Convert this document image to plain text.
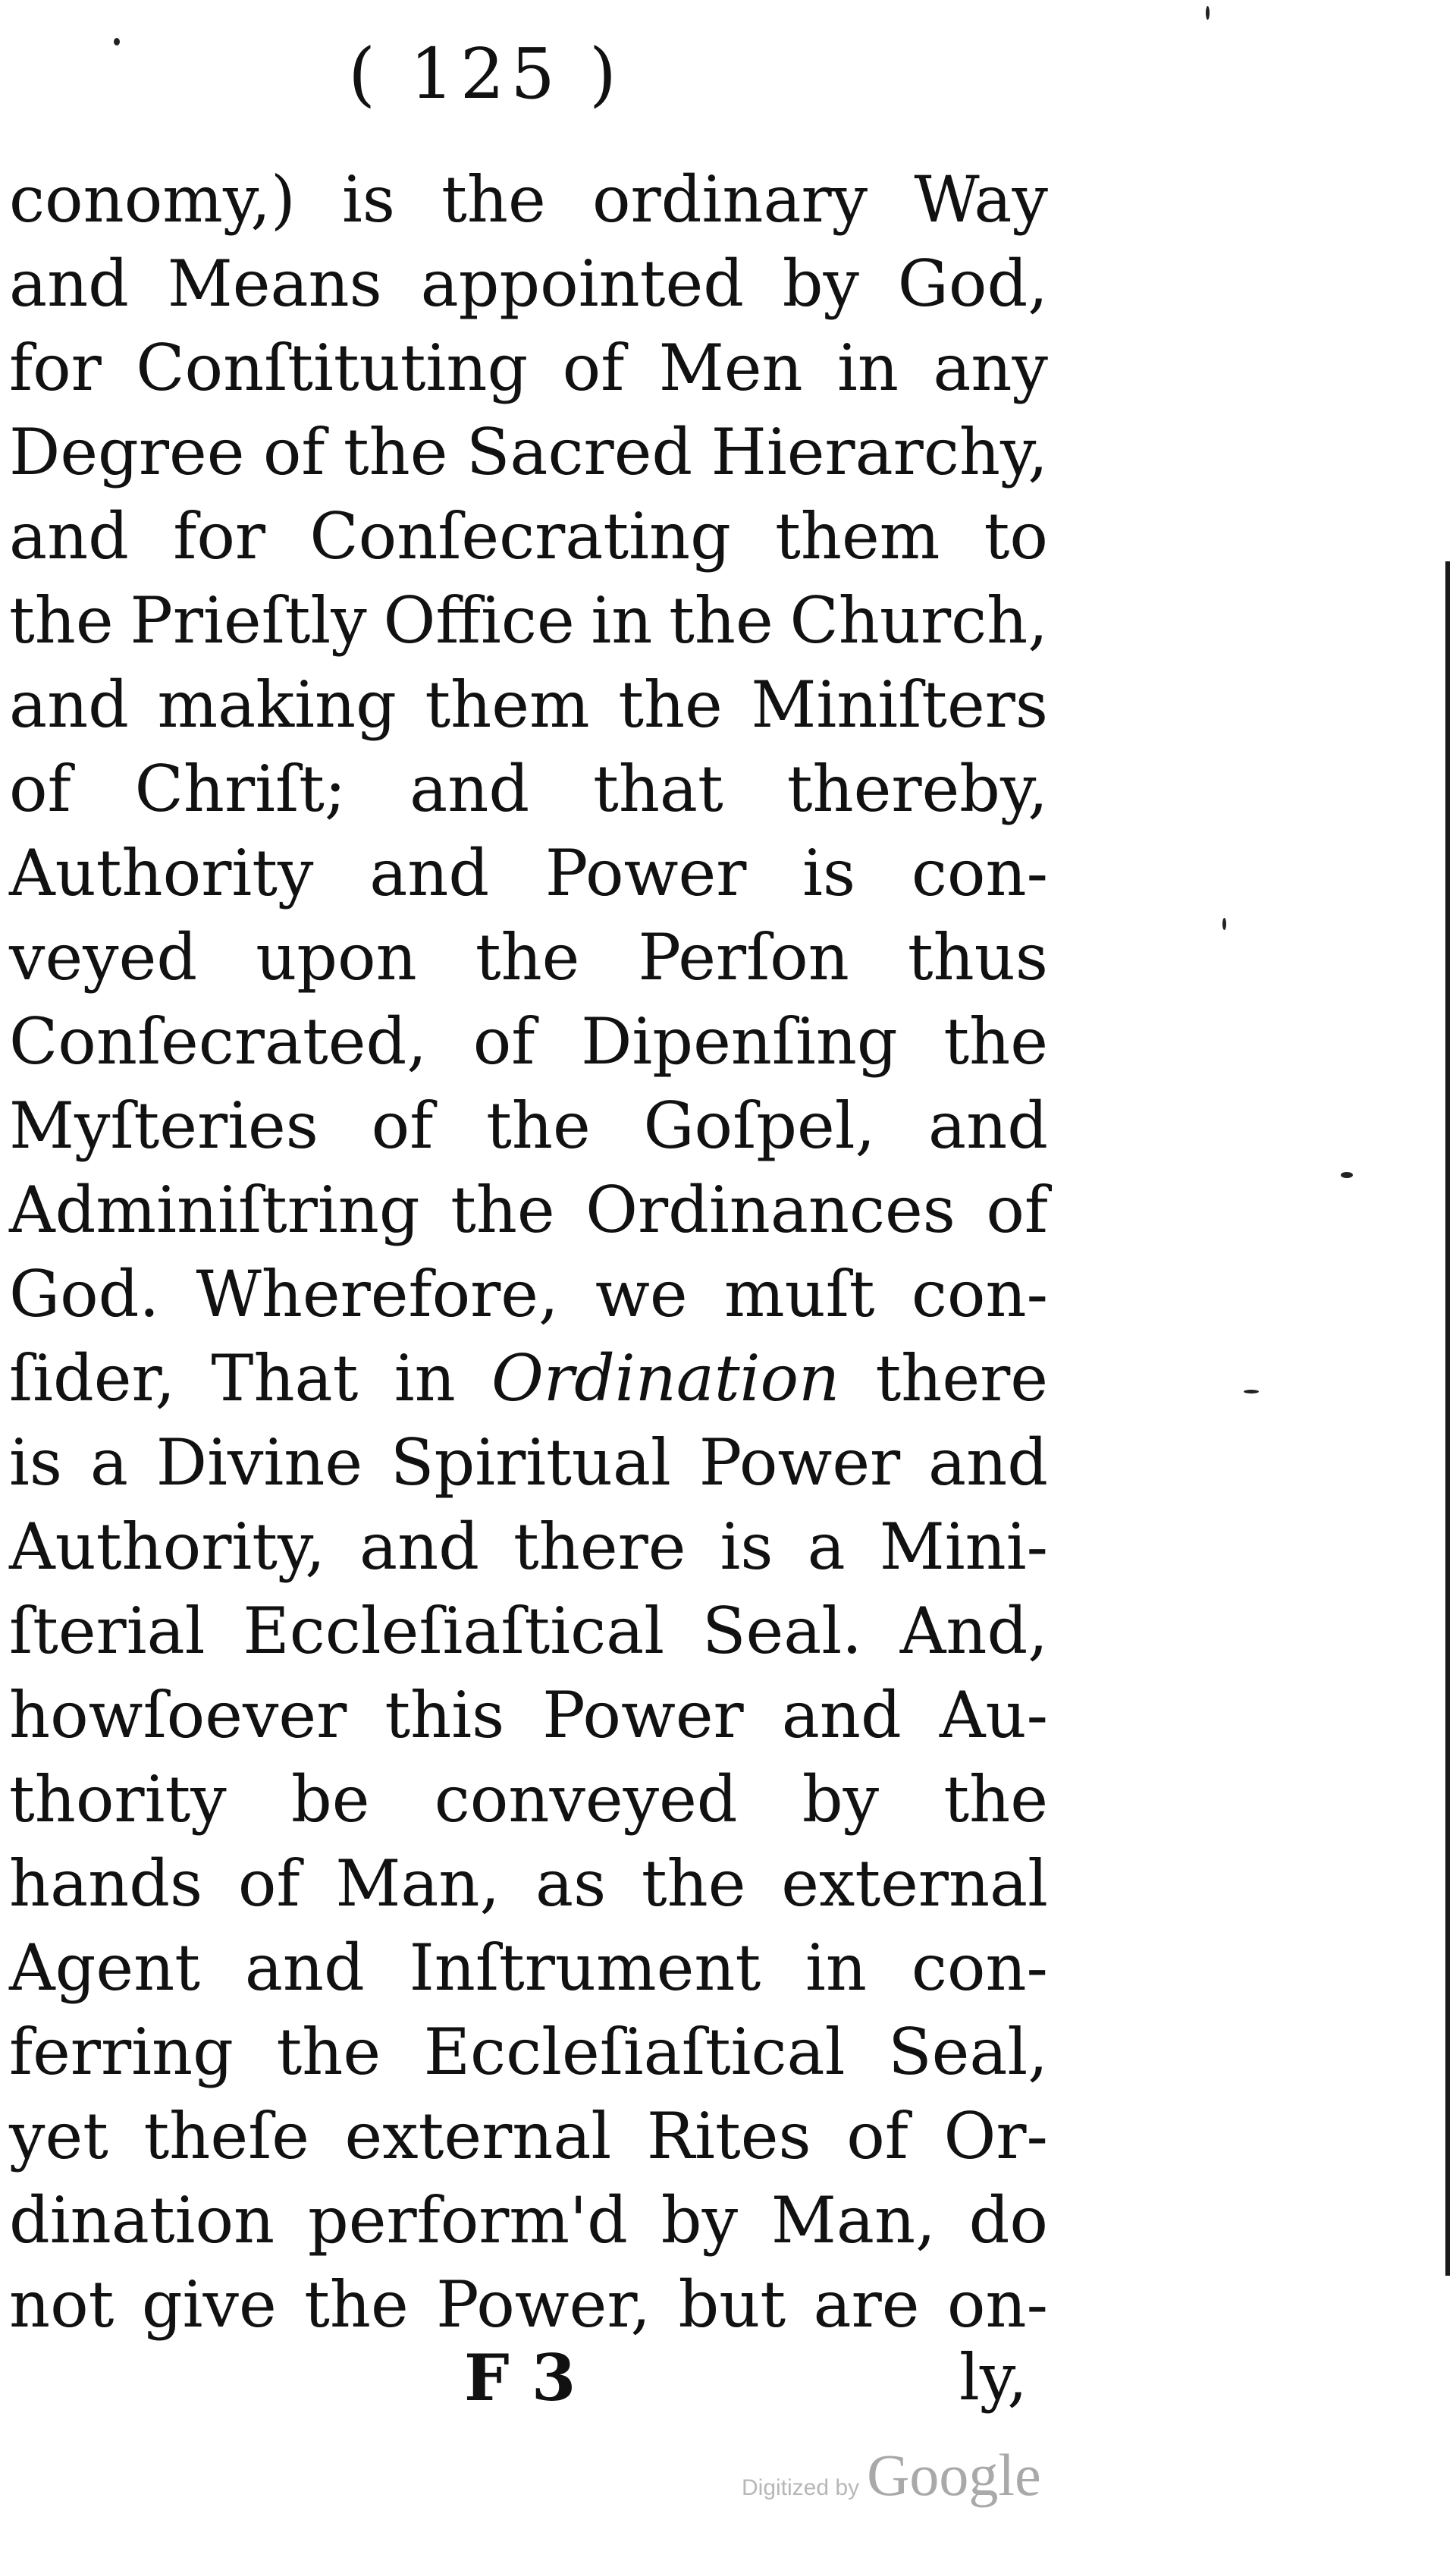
( 125 )
conomy,) is the ordinary Way
and Means appointed by God,
for Conſtituting of Men in any
Degree of the Sacred Hierarchy,
and for Conſecrating them to
the Prieſtly Office in the Church,
and making them the Miniſters
of Chriſt; and that thereby,
Authority and Power is con-
veyed upon the Perſon thus
Conſecrated, of Dipenſing the
Myſteries of the Goſpel, and
Adminiſtring the Ordinances of
God. Wherefore, we muſt con-
ſider, That in Ordination there
is a Divine Spiritual Power and
Authority, and there is a Mini-
ſterial Eccleſiaſtical Seal. And,
howſoever this Power and Au-
thority be conveyed by the
hands of Man, as the external
Agent and Inſtrument in con-
ferring the Eccleſiaſtical Seal,
yet theſe external Rites of Or-
dination perform'd by Man, do
not give the Power, but are on-
F 3	ly,
Digitized by Google
